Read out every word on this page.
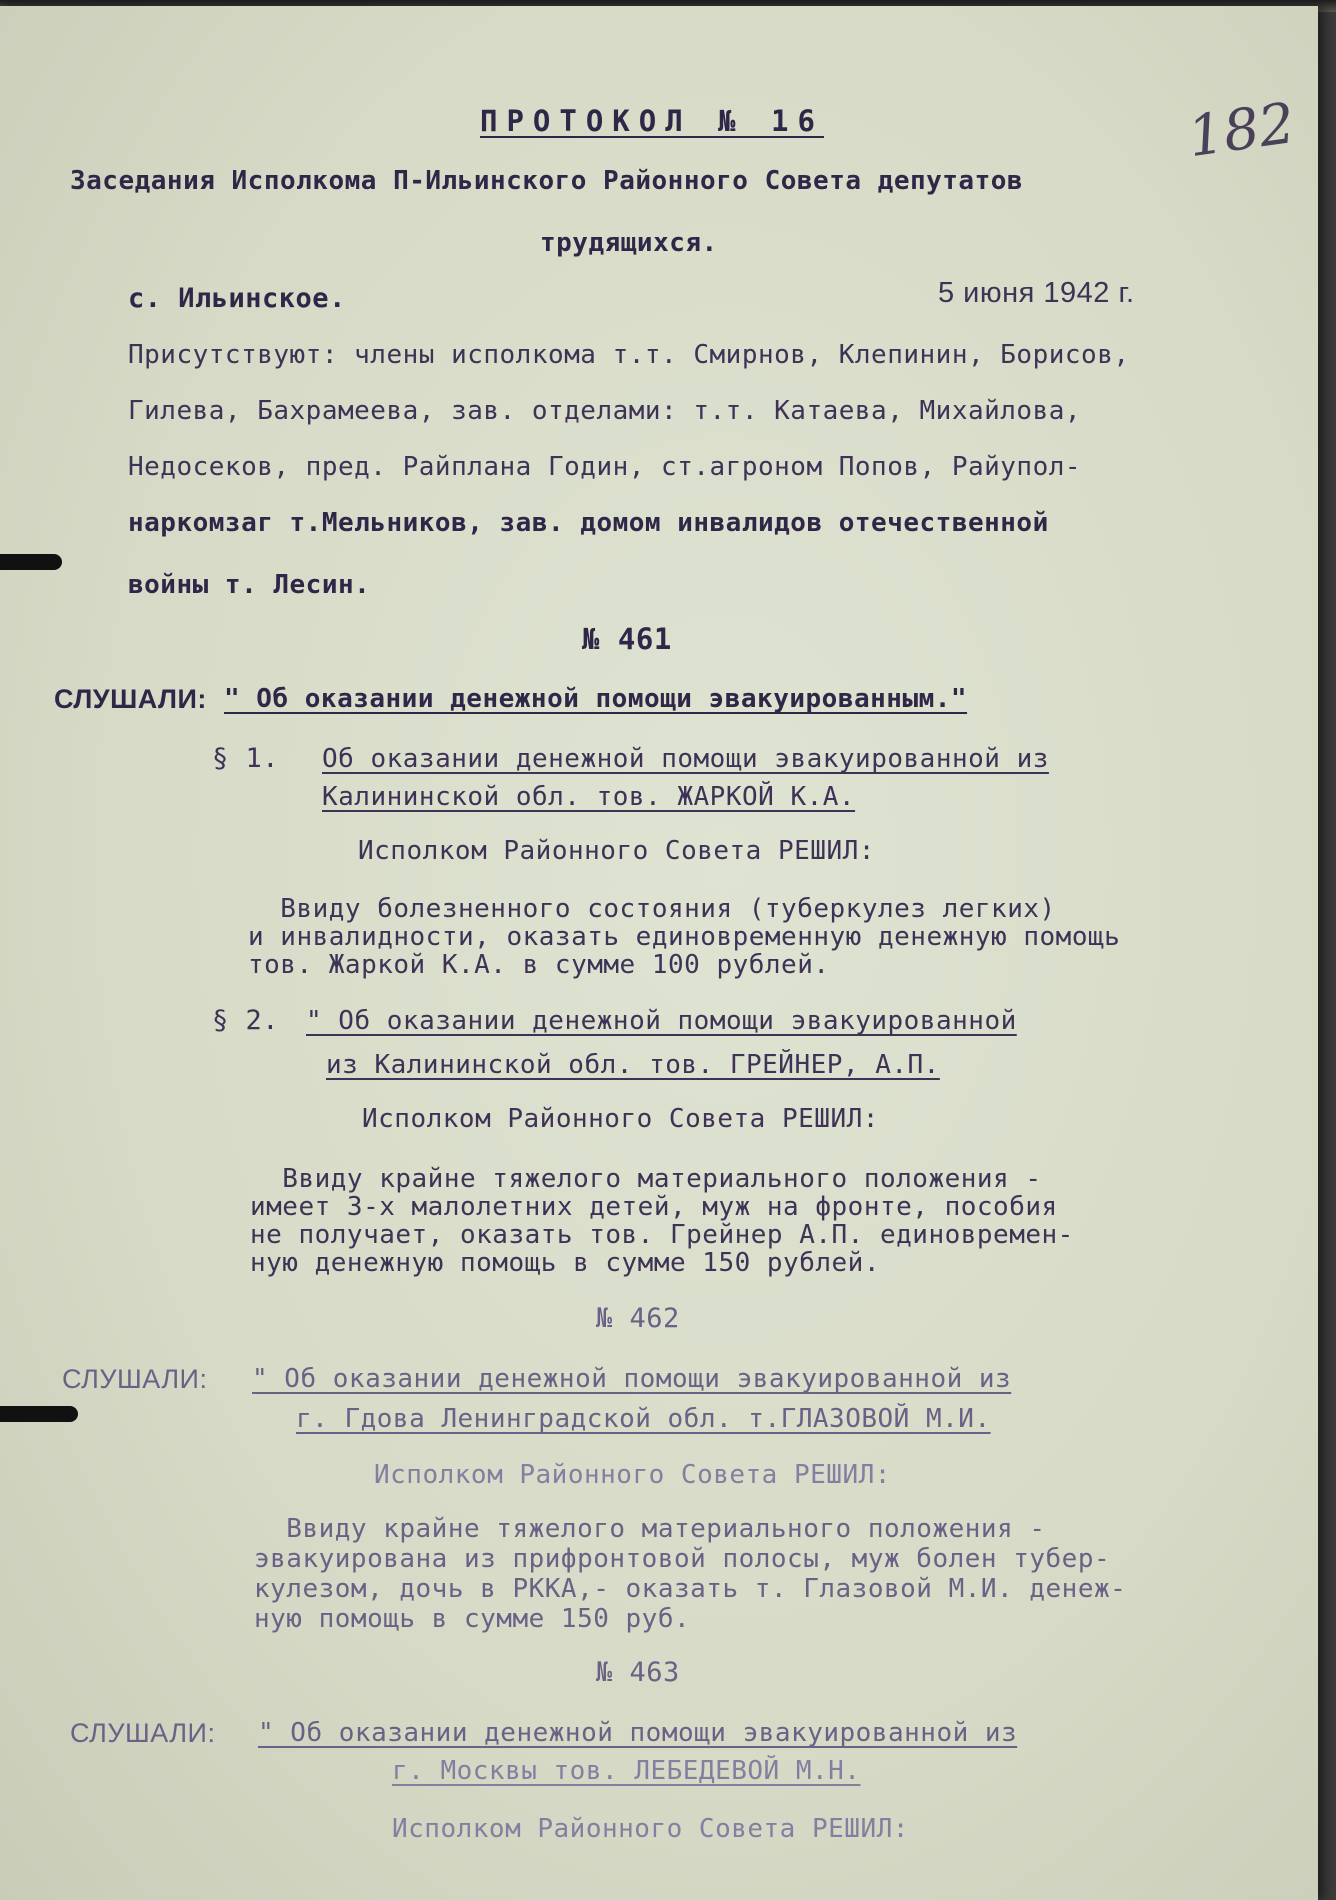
182

ПРОТОКОЛ № 16

Заседания Исполкома П-Ильинского Районного Совета депутатов

трудящихся.

с. Ильинское.	5 июня 1942 г.

Присутствуют: члены исполкома т.т. Смирнов, Клепинин, Борисов,

Гилева, Бахрамеева, зав. отделами: т.т. Катаева, Михайлова,

Недосеков, пред. Райплана Годин, ст.агроном Попов, Райупол-

наркомзаг т.Мельников, зав. домом инвалидов отечественной

войны т. Лесин.

№ 461

СЛУШАЛИ: " Об оказании денежной помощи эвакуированным."

§ 1. Об оказании денежной помощи эвакуированной из

Калининской обл. тов. ЖАРКОЙ К.А.

Исполком Районного Совета РЕШИЛ:

Ввиду болезненного состояния (туберкулез легких)

и инвалидности, оказать единовременную денежную помощь

тов. Жаркой К.А. в сумме 100 рублей.

§ 2. " Об оказании денежной помощи эвакуированной

из Калининской обл. тов. ГРЕЙНЕР, А.П.

Исполком Районного Совета РЕШИЛ:

Ввиду крайне тяжелого материального положения -

имеет 3-х малолетних детей, муж на фронте, пособия

не получает, оказать тов. Грейнер А.П. единовремен-

ную денежную помощь в сумме 150 рублей.

№ 462

СЛУШАЛИ: " Об оказании денежной помощи эвакуированной из

г. Гдова Ленинградской обл. т.ГЛАЗОВОЙ М.И.

Исполком Районного Совета РЕШИЛ:

Ввиду крайне тяжелого материального положения -

эвакуирована из прифронтовой полосы, муж болен тубер-

кулезом, дочь в РККА,- оказать т. Глазовой М.И. денеж-

ную помощь в сумме 150 руб.

№ 463

СЛУШАЛИ: " Об оказании денежной помощи эвакуированной из

г. Москвы тов. ЛЕБЕДЕВОЙ М.Н.

Исполком Районного Совета РЕШИЛ:
